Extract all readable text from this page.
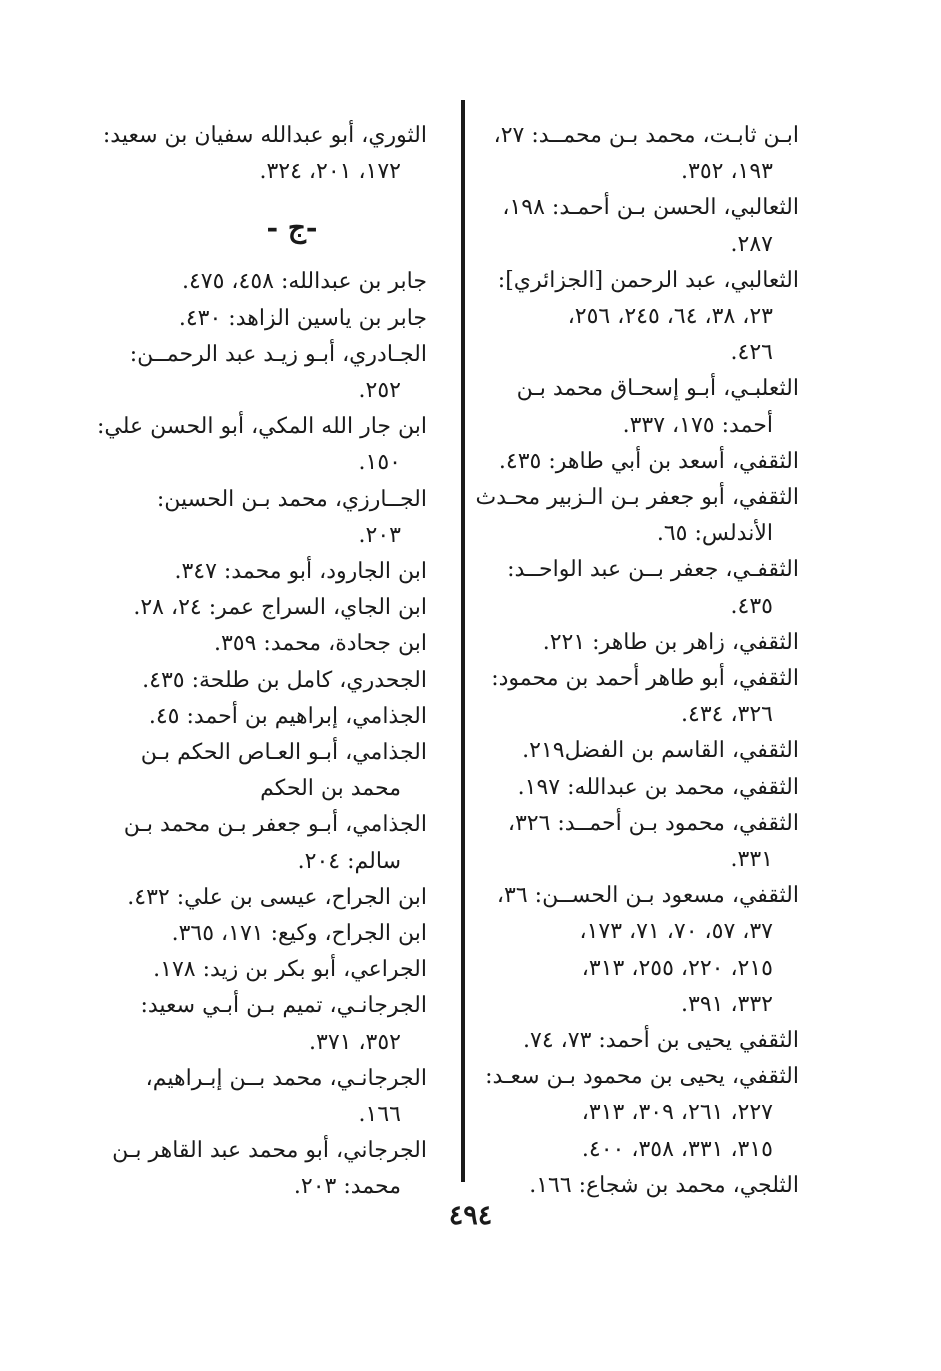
ابـن ثابـت، محمد بـن محمــد: ٢٧،
١٩٣، ٣٥٢.
الثعالبي، الحسن بـن أحمـد: ١٩٨،
٢٨٧.
الثعالبي، عبد الرحمن [الجزائري]:
٢٣، ٣٨، ٦٤، ٢٤٥، ٢٥٦،
٤٢٦.
الثعلبـي، أبـو إسحـاق محمد بـن
أحمد: ١٧٥، ٣٣٧.
الثقفي، أسعد بن أبي طاهر: ٤٣٥.
الثقفي، أبو جعفر بـن الـزبير محـدث
الأندلس: ٦٥.
الثقفـي، جعفر بــن عبد الواحــد:
٤٣٥.
الثقفي، زاهر بن طاهر: ٢٢١.
الثقفي، أبو طاهر أحمد بن محمود:
٣٢٦، ٤٣٤.
الثقفي، القاسم بن الفضل٢١٩.
الثقفي، محمد بن عبدالله: ١٩٧.
الثقفي، محمود بـن أحمــد: ٣٢٦،
٣٣١.
الثقفي، مسعود بـن الحســن: ٣٦،
٣٧، ٥٧، ٧٠، ٧١، ١٧٣،
٢١٥، ٢٢٠، ٢٥٥، ٣١٣،
٣٣٢، ٣٩١.
الثقفي يحيى بن أحمد: ٧٣، ٧٤.
الثقفي، يحيى بن محمود بـن سعـد:
٢٢٧، ٢٦١، ٣٠٩، ٣١٣،
٣١٥، ٣٣١، ٣٥٨، ٤٠٠.
الثلجي، محمد بن شجاع: ١٦٦.
الثوري، أبو عبدالله سفيان بن سعيد:
١٧٢، ٢٠١، ٣٢٤.
-ج -
جابر بن عبدالله: ٤٥٨، ٤٧٥.
جابر بن ياسين الزاهد: ٤٣٠.
الجـادري، أبـو زيـد عبد الرحمــن:
٢٥٢.
ابن جار الله المكي، أبو الحسن علي:
١٥٠.
الجــارزي، محمد بـن الحسين:
٢٠٣.
ابن الجارود، أبو محمد: ٣٤٧.
ابن الجاي، السراج عمر: ٢٤، ٢٨.
ابن جحادة، محمد: ٣٥٩.
الجحدري، كامل بن طلحة: ٤٣٥.
الجذامي، إبراهيم بن أحمد: ٤٥.
الجذامي، أبـو العـاص الحكم بـن
محمد بن الحكم
الجذامي، أبـو جعفر بـن محمد بـن
سالم: ٢٠٤.
ابن الجراح، عيسى بن علي: ٤٣٢.
ابن الجراح، وكيع: ١٧١، ٣٦٥.
الجراعي، أبو بكر بن زيد: ١٧٨.
الجرجانـي، تميم بـن أبـي سعيد:
٣٥٢، ٣٧١.
الجرجانـي، محمد بــن إبـراهيم،
١٦٦.
الجرجاني، أبو محمد عبد القاهر بـن
محمد: ٢٠٣.
٤٩٤
